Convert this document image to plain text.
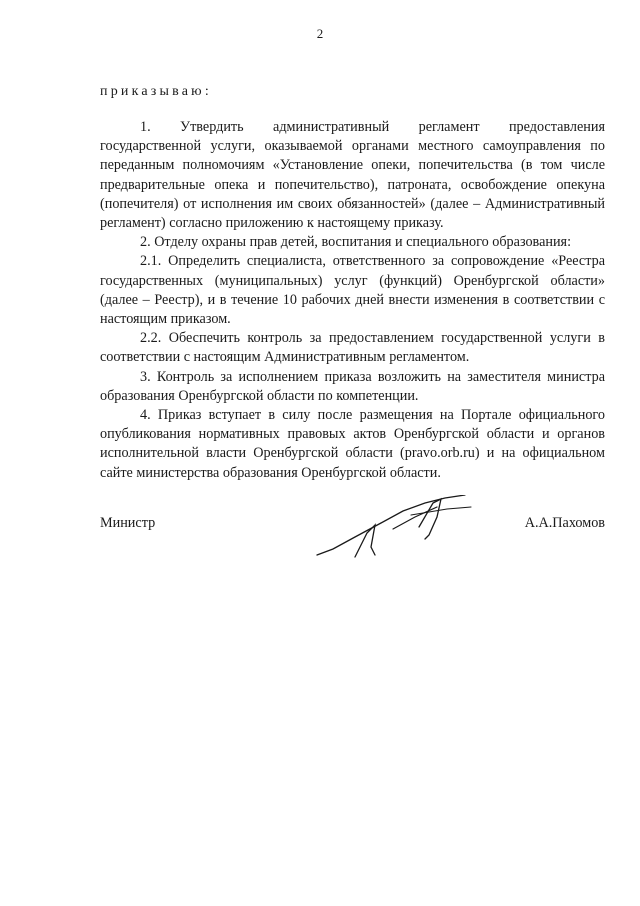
2
приказываю:

1. Утвердить административный регламент предоставления государственной услуги, оказываемой органами местного самоуправления по переданным полномочиям «Установление опеки, попечительства (в том числе предварительные опека и попечительство), патроната, освобождение опекуна (попечителя) от исполнения им своих обязанностей» (далее – Административный регламент) согласно приложению к настоящему приказу.

2. Отделу охраны прав детей, воспитания и специального образования:

2.1. Определить специалиста, ответственного за сопровождение «Реестра государственных (муниципальных) услуг (функций) Оренбургской области» (далее – Реестр), и в течение 10 рабочих дней внести изменения в соответствии с настоящим приказом.

2.2. Обеспечить контроль за предоставлением государственной услуги в соответствии с настоящим Административным регламентом.

3. Контроль за исполнением приказа возложить на заместителя министра образования Оренбургской области по компетенции.

4. Приказ вступает в силу после размещения на Портале официального опубликования нормативных правовых актов Оренбургской области и органов исполнительной власти Оренбургской области (pravo.orb.ru) и на официальном сайте министерства образования Оренбургской области.

Министр	А.А.Пахомов
